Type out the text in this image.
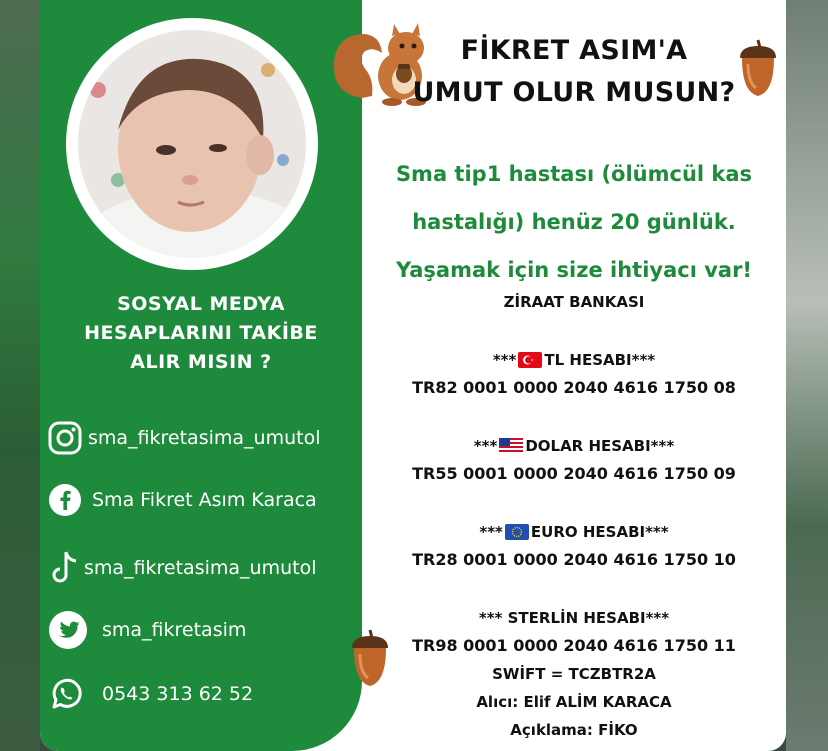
SOSYAL MEDYA
HESAPLARINI TAKİBE
ALIR MISIN ?
sma_fikretasima_umutol
Sma Fikret Asım Karaca
sma_fikretasima_umutol
sma_fikretasim
0543 313 62 52
FİKRET ASIM'A
UMUT OLUR MUSUN?
Sma tip1 hastası (ölümcül kas
hastalığı) henüz 20 günlük.
Yaşamak için size ihtiyacı var!
ZİRAAT BANKASI
*** TL HESABI***
TR82 0001 0000 2040 4616 1750 08
*** DOLAR HESABI***
TR55 0001 0000 2040 4616 1750 09
*** EURO HESABI***
TR28 0001 0000 2040 4616 1750 10
*** STERLİN HESABI***
TR98 0001 0000 2040 4616 1750 11
SWİFT = TCZBTR2A
Alıcı: Elif ALİM KARACA
Açıklama: FİKO
